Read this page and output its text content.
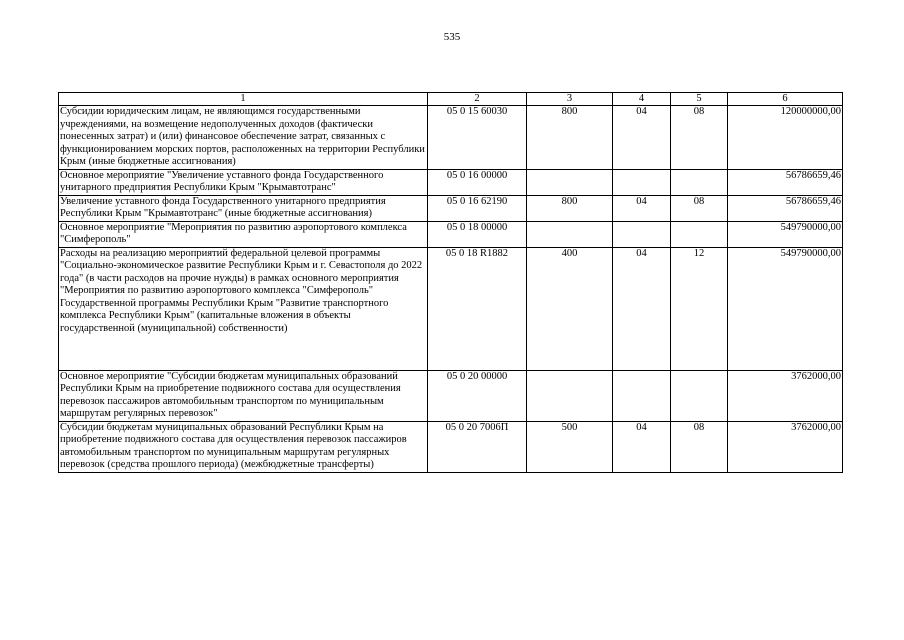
535
1	2	3	4	5	6
Субсидии юридическим лицам, не являющимся государственными учреждениями, на возмещение недополученных доходов (фактически понесенных затрат) и (или) финансовое обеспечение затрат, связанных с функционированием морских портов, расположенных на территории Республики Крым (иные бюджетные ассигнования)	05 0 15 60030	800	04	08	120000000,00
Основное мероприятие "Увеличение уставного фонда Государственного унитарного предприятия Республики Крым "Крымавтотранс"	05 0 16 00000				56786659,46
Увеличение уставного фонда Государственного унитарного предприятия Республики Крым "Крымавтотранс" (иные бюджетные ассигнования)	05 0 16 62190	800	04	08	56786659,46
Основное мероприятие "Мероприятия по развитию аэропортового комплекса "Симферополь"	05 0 18 00000				549790000,00
Расходы на реализацию мероприятий федеральной целевой программы "Социально-экономическое развитие Республики Крым и г. Севастополя до 2022 года" (в части расходов на прочие нужды) в рамках основного мероприятия "Мероприятия по развитию аэропортового комплекса "Симферополь" Государственной программы Республики Крым "Развитие транспортного комплекса Республики Крым" (капитальные вложения в объекты государственной (муниципальной) собственности)	05 0 18 R1882	400	04	12	549790000,00
Основное мероприятие "Субсидии бюджетам муниципальных образований Республики Крым на приобретение подвижного состава для осуществления перевозок пассажиров автомобильным транспортом по муниципальным маршрутам регулярных перевозок"	05 0 20 00000				3762000,00
Субсидии бюджетам муниципальных образований Республики Крым на приобретение подвижного состава для осуществления перевозок пассажиров автомобильным транспортом по муниципальным маршрутам регулярных перевозок (средства прошлого периода) (межбюджетные трансферты)	05 0 20 7006П	500	04	08	3762000,00
